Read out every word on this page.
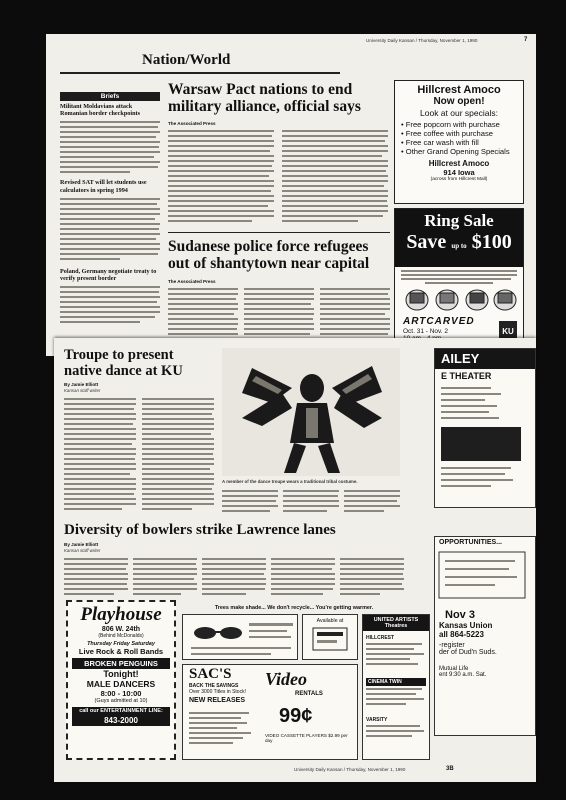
University Daily Kansan / Thursday, November 1, 1990	7
Nation/World
Briefs
Militant Moldavians attack Romanian border checkpoints
Revised SAT will let students use calculators in spring 1994
Poland, Germany negotiate treaty to verify present border
Warsaw Pact nations to end military alliance, official says
The Associated Press
Sudanese police force refugees out of shantytown near capital
The Associated Press
Hillcrest Amoco
Now open!
Look at our specials:
• Free popcorn with purchase
• Free coffee with purchase
• Free car wash with fill
• Other Grand Opening Specials
Hillcrest Amoco
914 Iowa
(across from Hillcrest Mall)
Ring Sale
Save up to $100
ARTCARVED
Oct. 31 - Nov. 2	KU
Troupe to present native dance at KU
By Jamie Elliott
Kansan staff writer
A member of the dance troupe wears a traditional tribal costume.
Diversity of bowlers strike Lawrence lanes
By Jamie Elliott
Kansan staff writer
AILEY
E THEATER
OPPORTUNITIES...
Nov 3
Kansas Union
all 864-5223
-register
der of Dud'n Suds.
Mutual Life
ent 9:30 a.m. Sat.
Trees make shade... We don't recycle... You're getting warmer.
Playhouse
806 W. 24th
(Behind McDonalds)
Thursday Friday Saturday
Live Rock & Roll Bands
BROKEN PENGUINS
Tonight!
MALE DANCERS
8:00 - 10:00
(Guys admitted at 10)
call our ENTERTAINMENT LINE:
843-2000
Available at
SAC'S
BACK THE SAVINGS
Over 3000 Titles in Stock!
NEW RELEASES
Video
RENTALS
99¢
VIDEO CASSETTE PLAYERS $2.99 per day
UNITED ARTISTS
Theatres
HILLCREST
CINEMA TWIN
VARSITY
University Daily Kansan / Thursday, November 1, 1990	3B
